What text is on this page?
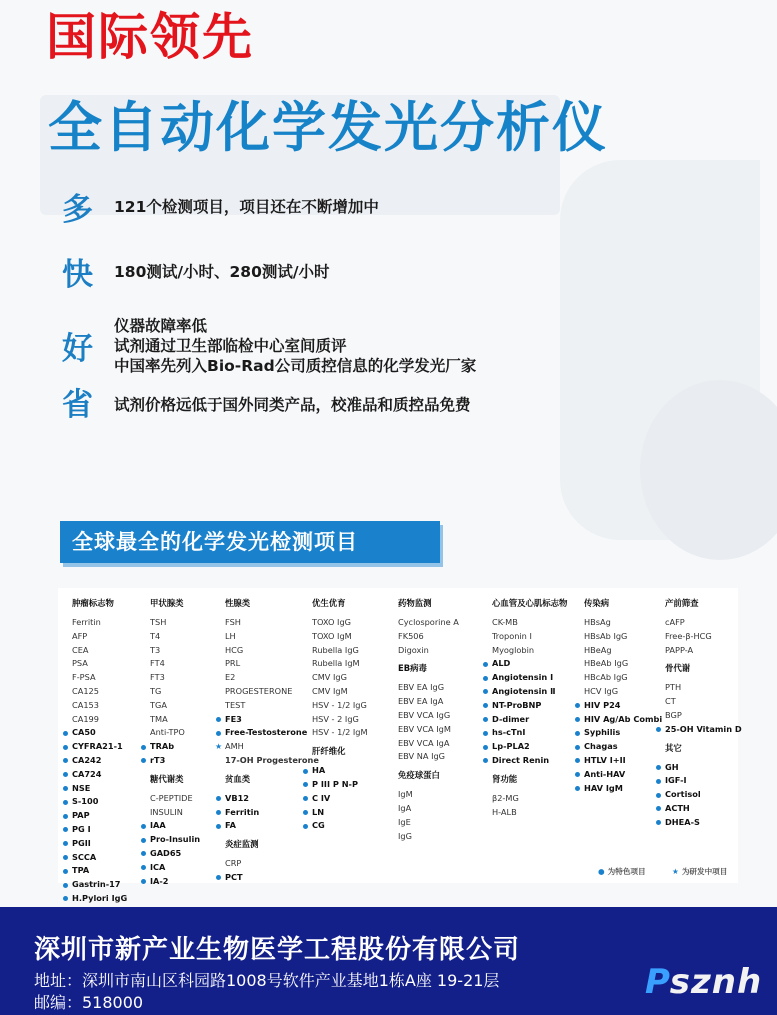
国际领先
全自动化学发光分析仪
多	121个检测项目，项目还在不断增加中
快	180测试/小时、280测试/小时
好
仪器故障率低
试剂通过卫生部临检中心室间质评
中国率先列入Bio-Rad公司质控信息的化学发光厂家
省	试剂价格远低于国外同类产品，校准品和质控品免费
全球最全的化学发光检测项目
肿瘤标志物
Ferritin
AFP
CEA
PSA
F-PSA
CA125
CA153
CA199
CA50
CYFRA21-1
CA242
CA724
NSE
S-100
PAP
PG I
PGII
SCCA
TPA
Gastrin-17
H.Pylori IgG
甲状腺类
TSH
T4
T3
FT4
FT3
TG
TGA
TMA
Anti-TPO
TRAb
rT3
糖代谢类
C-PEPTIDE
INSULIN
IAA
Pro-Insulin
GAD65
ICA
IA-2
性腺类
FSH
LH
HCG
PRL
E2
PROGESTERONE
TEST
FE3
Free-Testosterone
★ AMH
17-OH Progesterone
贫血类
VB12
Ferritin
FA
炎症监测
CRP
PCT
优生优育
TOXO IgG
TOXO IgM
Rubella IgG
Rubella IgM
CMV IgG
CMV IgM
HSV - 1/2 IgG
HSV - 2 IgG
HSV - 1/2 IgM
肝纤维化
HA
P III P N-P
C IV
LN
CG
药物监测
Cyclosporine A
FK506
Digoxin
EB病毒
EBV EA IgG
EBV EA IgA
EBV VCA IgG
EBV VCA IgM
EBV VCA IgA
EBV NA IgG
免疫球蛋白
IgM
IgA
IgE
IgG
心血管及心肌标志物
CK-MB
Troponin I
Myoglobin
ALD
Angiotensin Ⅰ
Angiotensin Ⅱ
NT-ProBNP
D-dimer
hs-cTnI
Lp-PLA2
Direct Renin
肾功能
β2-MG
H-ALB
传染病
HBsAg
HBsAb IgG
HBeAg
HBeAb IgG
HBcAb IgG
HCV IgG
HIV P24
HIV Ag/Ab Combi
Syphilis
Chagas
HTLV I+II
Anti-HAV
HAV IgM
产前筛查
cAFP
Free-β-HCG
PAPP-A
骨代谢
PTH
CT
BGP
25-OH Vitamin D
其它
GH
IGF-I
Cortisol
ACTH
DHEA-S
● 为特色项目	★ 为研发中项目
深圳市新产业生物医学工程股份有限公司
地址：深圳市南山区科园路1008号软件产业基地1栋A座 19-21层
邮编：518000
Psznh
